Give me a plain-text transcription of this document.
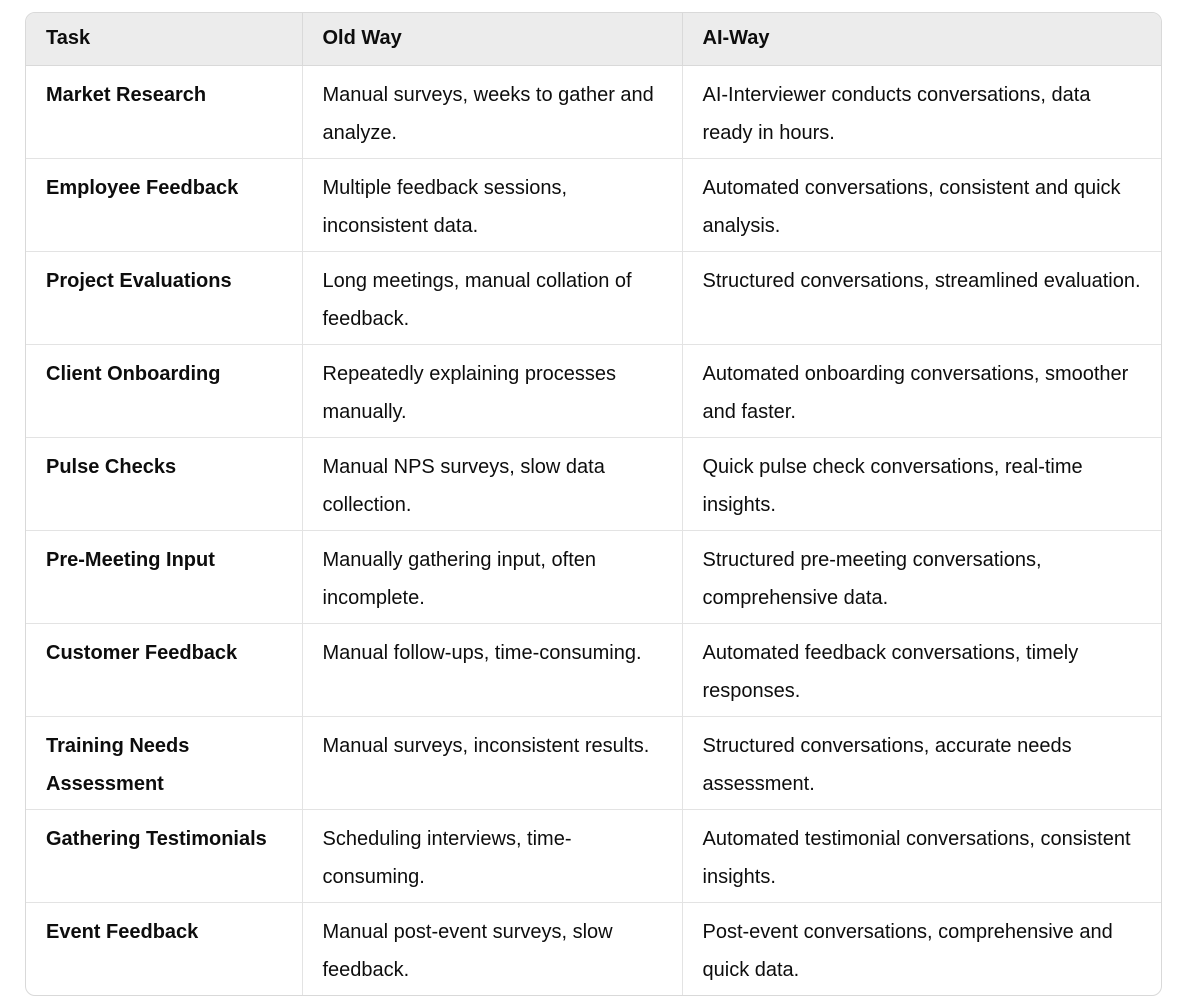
Task	Old Way	AI-Way
Market Research	Manual surveys, weeks to gather and analyze.	AI-Interviewer conducts conversations, data ready in hours.
Employee Feedback	Multiple feedback sessions, inconsistent data.	Automated conversations, consistent and quick analysis.
Project Evaluations	Long meetings, manual collation of feedback.	Structured conversations, streamlined evaluation.
Client Onboarding	Repeatedly explaining processes manually.	Automated onboarding conversations, smoother and faster.
Pulse Checks	Manual NPS surveys, slow data collection.	Quick pulse check conversations, real-time insights.
Pre-Meeting Input	Manually gathering input, often incomplete.	Structured pre-meeting conversations, comprehensive data.
Customer Feedback	Manual follow-ups, time-consuming.	Automated feedback conversations, timely responses.
Training Needs Assessment	Manual surveys, inconsistent results.	Structured conversations, accurate needs assessment.
Gathering Testimonials	Scheduling interviews, time-consuming.	Automated testimonial conversations, consistent insights.
Event Feedback	Manual post-event surveys, slow feedback.	Post-event conversations, comprehensive and quick data.
